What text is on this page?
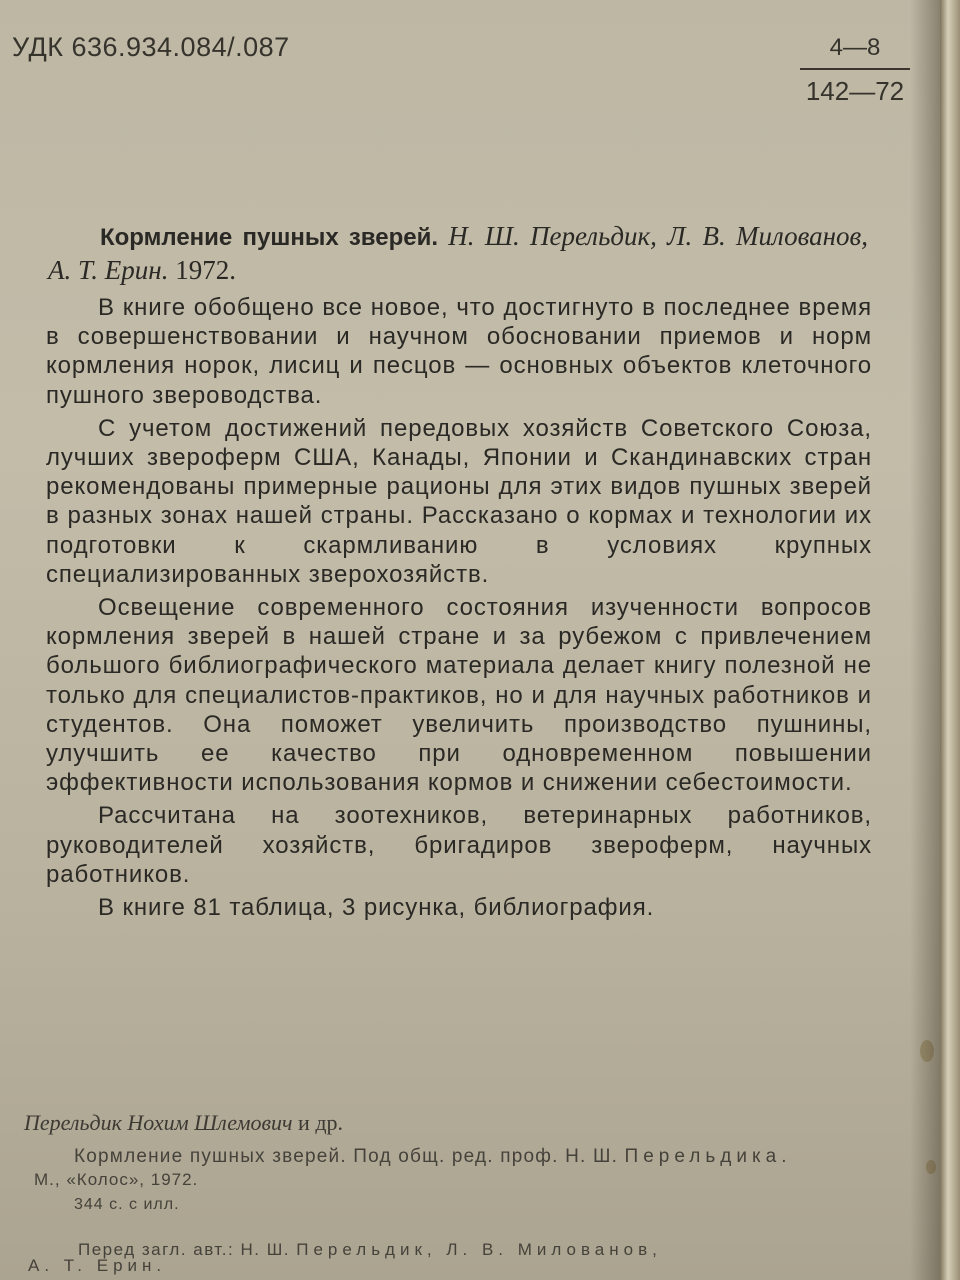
УДК 636.934.084/.087	4—8
142—72
Кормление пушных зверей. Н. Ш. Перельдик, Л. В. Милованов, А. Т. Ерин. 1972.

В книге обобщено все новое, что достигнуто в последнее время в совершенствовании и научном обосновании приемов и норм кормления норок, лисиц и песцов — основных объектов клеточного пушного звероводства.

С учетом достижений передовых хозяйств Советского Союза, лучших звероферм США, Канады, Японии и Скандинавских стран рекомендованы примерные рационы для этих видов пушных зверей в разных зонах нашей страны. Рассказано о кормах и технологии их подготовки к скармливанию в условиях крупных специализированных зверохозяйств.

Освещение современного состояния изученности вопросов кормления зверей в нашей стране и за рубежом с привлечением большого библиографического материала делает книгу полезной не только для специалистов-практиков, но и для научных работников и студентов. Она поможет увеличить производство пушнины, улучшить ее качество при одновременном повышении эффективности использования кормов и снижении себестоимости.

Рассчитана на зоотехников, ветеринарных работников, руководителей хозяйств, бригадиров звероферм, научных работников.

В книге 81 таблица, 3 рисунка, библиография.

Перельдик Нохим Шлемович и др.
Кормление пушных зверей. Под общ. ред. проф. Н. Ш. Перельдика.
М., «Колос», 1972.
344 с. с илл.
Перед загл. авт.: Н. Ш. Перельдик, Л. В. Милованов,
А. Т. Ерин.
